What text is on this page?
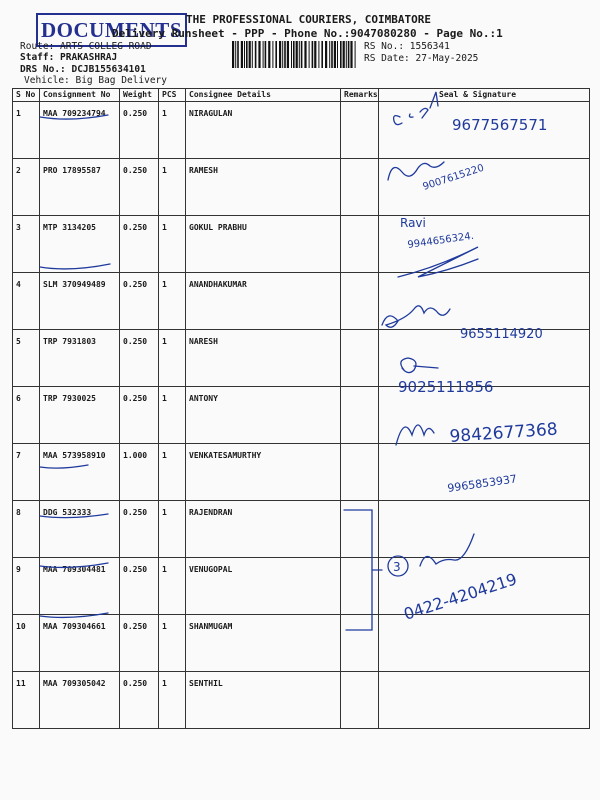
DOCUMENTS THE PROFESSIONAL COURIERS, COIMBATORE
Delivery Runsheet - PPP - Phone No.:9047080280 - Page No.:1
Route: ARTS COLLEG ROAD
Staff: PRAKASHRAJ
DRS No.: DCJB155634101
Vehicle: Big Bag Delivery
RS No.: 1556341
RS Date: 27-May-2025
S No	Consignment No	Weight	PCS	Consignee Details	Remarks	Seal & Signature
1	MAA 709234794	0.250	1	NIRAGULAN		
2	PRO 17895587	0.250	1	RAMESH		
3	MTP 3134205	0.250	1	GOKUL PRABHU		
4	SLM 370949489	0.250	1	ANANDHAKUMAR		
5	TRP 7931803	0.250	1	NARESH		
6	TRP 7930025	0.250	1	ANTONY		
7	MAA 573958910	1.000	1	VENKATESAMURTHY		
8	DDG 532333	0.250	1	RAJENDRAN		
9	MAA 709304481	0.250	1	VENUGOPAL		
10	MAA 709304661	0.250	1	SHANMUGAM		
11	MAA 709305042	0.250	1	SENTHIL		
9677567571
9007615220
Ravi
9944656324.
9655114920
9025111856
9842677368
9965853937
3
0422-4204219
